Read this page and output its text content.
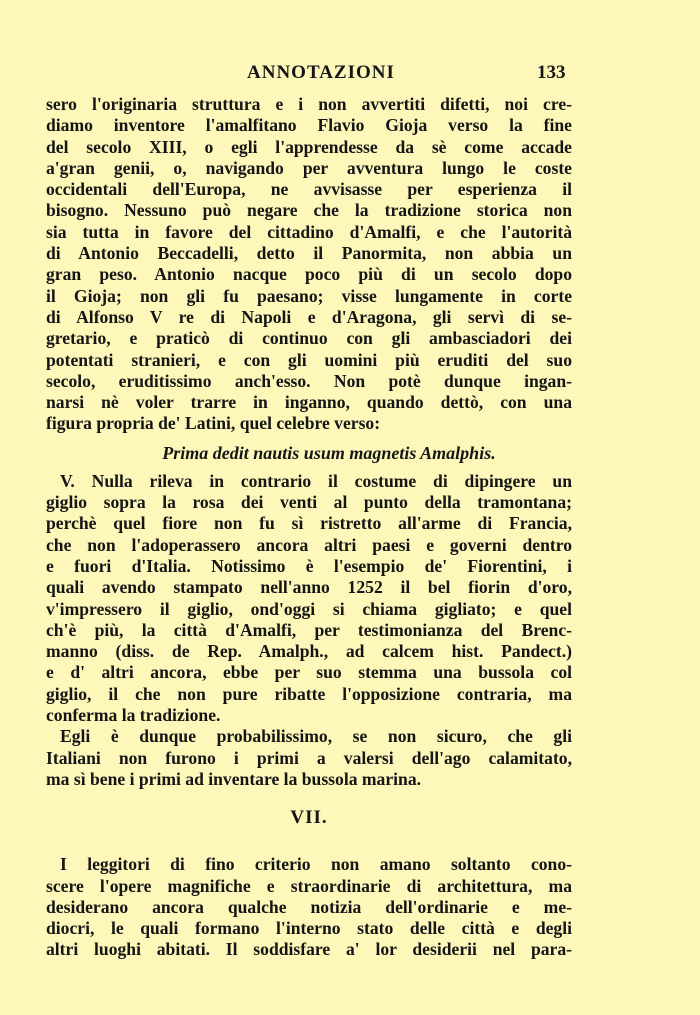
ANNOTAZIONI	133
sero l'originaria struttura e i non avvertiti difetti, noi cre-
diamo inventore l'amalfitano Flavio Gioja verso la fine
del secolo XIII, o egli l'apprendesse da sè come accade
a'gran genii, o, navigando per avventura lungo le coste
occidentali dell'Europa, ne avvisasse per esperienza il
bisogno. Nessuno può negare che la tradizione storica non
sia tutta in favore del cittadino d'Amalfi, e che l'autorità
di Antonio Beccadelli, detto il Panormita, non abbia un
gran peso. Antonio nacque poco più di un secolo dopo
il Gioja; non gli fu paesano; visse lungamente in corte
di Alfonso V re di Napoli e d'Aragona, gli servì di se-
gretario, e praticò di continuo con gli ambasciadori dei
potentati stranieri, e con gli uomini più eruditi del suo
secolo, eruditissimo anch'esso. Non potè dunque ingan-
narsi nè voler trarre in inganno, quando dettò, con una
figura propria de' Latini, quel celebre verso:
Prima dedit nautis usum magnetis Amalphis.
V. Nulla rileva in contrario il costume di dipingere un
giglio sopra la rosa dei venti al punto della tramontana;
perchè quel fiore non fu sì ristretto all'arme di Francia,
che non l'adoperassero ancora altri paesi e governi dentro
e fuori d'Italia. Notissimo è l'esempio de' Fiorentini, i
quali avendo stampato nell'anno 1252 il bel fiorin d'oro,
v'impressero il giglio, ond'oggi si chiama gigliato; e quel
ch'è più, la città d'Amalfi, per testimonianza del Brenc-
manno (diss. de Rep. Amalph., ad calcem hist. Pandect.)
e d' altri ancora, ebbe per suo stemma una bussola col
giglio, il che non pure ribatte l'opposizione contraria, ma
conferma la tradizione.
Egli è dunque probabilissimo, se non sicuro, che gli
Italiani non furono i primi a valersi dell'ago calamitato,
ma sì bene i primi ad inventare la bussola marina.
VII.
I leggitori di fino criterio non amano soltanto cono-
scere l'opere magnifiche e straordinarie di architettura, ma
desiderano ancora qualche notizia dell'ordinarie e me-
diocri, le quali formano l'interno stato delle città e degli
altri luoghi abitati. Il soddisfare a' lor desiderii nel para-
